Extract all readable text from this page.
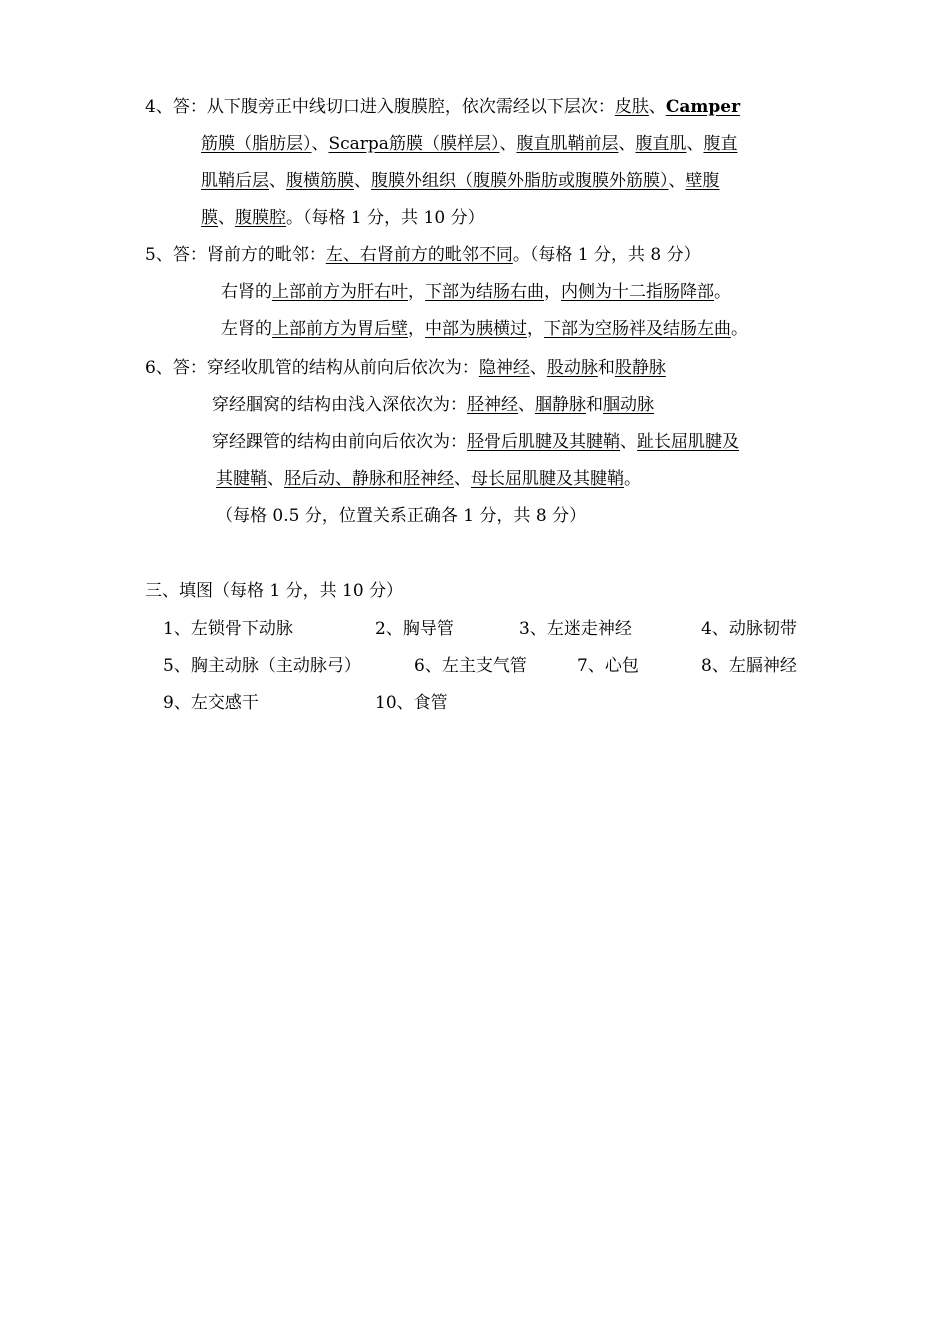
4、答：从下腹旁正中线切口进入腹膜腔，依次需经以下层次：皮肤、Camper
筋膜（脂肪层）、Scarpa筋膜（膜样层）、腹直肌鞘前层、腹直肌、腹直
肌鞘后层、腹横筋膜、腹膜外组织（腹膜外脂肪或腹膜外筋膜）、壁腹
膜、腹膜腔。（每格 1 分，共 10 分）
5、答：肾前方的毗邻：左、右肾前方的毗邻不同。（每格 1 分，共 8 分）
右肾的上部前方为肝右叶，下部为结肠右曲，内侧为十二指肠降部。
左肾的上部前方为胃后壁，中部为胰横过，下部为空肠袢及结肠左曲。
6、答：穿经收肌管的结构从前向后依次为：隐神经、股动脉和股静脉
穿经腘窝的结构由浅入深依次为：胫神经、腘静脉和腘动脉
穿经踝管的结构由前向后依次为：胫骨后肌腱及其腱鞘、趾长屈肌腱及
其腱鞘、胫后动、静脉和胫神经、母长屈肌腱及其腱鞘。
（每格 0.5 分，位置关系正确各 1 分，共 8 分）
三、填图（每格 1 分，共 10 分）
1、左锁骨下动脉	2、胸导管	3、左迷走神经	4、动脉韧带
5、胸主动脉（主动脉弓）	6、左主支气管	7、心包	8、左膈神经
9、左交感干	10、食管
